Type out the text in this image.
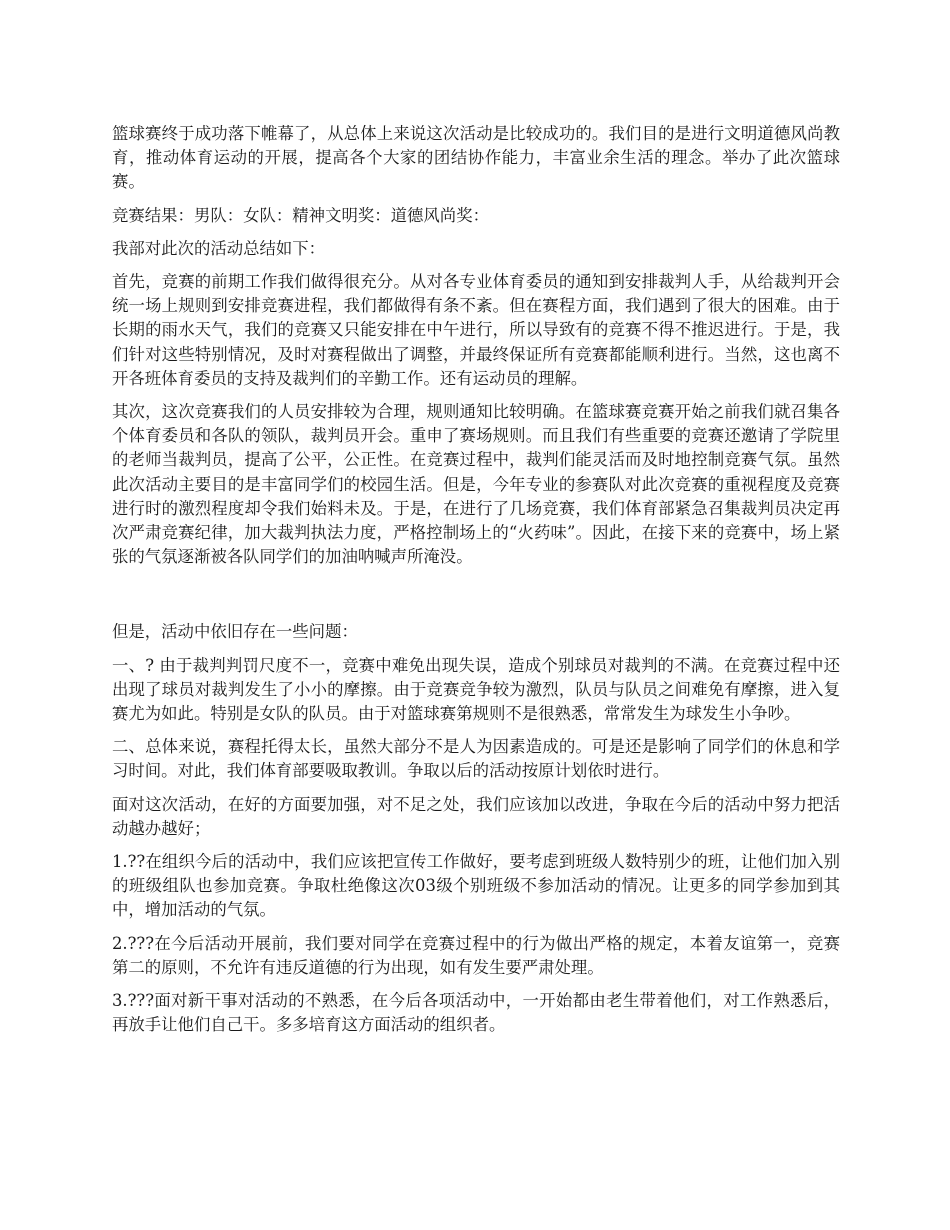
篮球赛终于成功落下帷幕了，从总体上来说这次活动是比较成功的。我们目的是进行文明道德风尚教育，推动体育运动的开展，提高各个大家的团结协作能力，丰富业余生活的理念。举办了此次篮球赛。

竞赛结果：男队：女队：精神文明奖：道德风尚奖：

我部对此次的活动总结如下：

首先，竞赛的前期工作我们做得很充分。从对各专业体育委员的通知到安排裁判人手，从给裁判开会统一场上规则到安排竞赛进程，我们都做得有条不紊。但在赛程方面，我们遇到了很大的困难。由于长期的雨水天气，我们的竞赛又只能安排在中午进行，所以导致有的竞赛不得不推迟进行。于是，我们针对这些特别情况，及时对赛程做出了调整，并最终保证所有竞赛都能顺利进行。当然，这也离不开各班体育委员的支持及裁判们的辛勤工作。还有运动员的理解。

其次，这次竞赛我们的人员安排较为合理，规则通知比较明确。在篮球赛竞赛开始之前我们就召集各个体育委员和各队的领队，裁判员开会。重申了赛场规则。而且我们有些重要的竞赛还邀请了学院里的老师当裁判员，提高了公平，公正性。在竞赛过程中，裁判们能灵活而及时地控制竞赛气氛。虽然此次活动主要目的是丰富同学们的校园生活。但是，今年专业的参赛队对此次竞赛的重视程度及竞赛进行时的激烈程度却令我们始料未及。于是，在进行了几场竞赛，我们体育部紧急召集裁判员决定再次严肃竞赛纪律，加大裁判执法力度，严格控制场上的“火药味”。因此，在接下来的竞赛中，场上紧张的气氛逐渐被各队同学们的加油呐喊声所淹没。

但是，活动中依旧存在一些问题：

一、? 由于裁判判罚尺度不一，竞赛中难免出现失误，造成个别球员对裁判的不满。在竞赛过程中还出现了球员对裁判发生了小小的摩擦。由于竞赛竞争较为激烈，队员与队员之间难免有摩擦，进入复赛尤为如此。特别是女队的队员。由于对篮球赛第规则不是很熟悉，常常发生为球发生小争吵。

二、总体来说，赛程托得太长，虽然大部分不是人为因素造成的。可是还是影响了同学们的休息和学习时间。对此，我们体育部要吸取教训。争取以后的活动按原计划依时进行。

面对这次活动，在好的方面要加强，对不足之处，我们应该加以改进，争取在今后的活动中努力把活动越办越好；

1.??在组织今后的活动中，我们应该把宣传工作做好，要考虑到班级人数特别少的班，让他们加入别的班级组队也参加竞赛。争取杜绝像这次03级个别班级不参加活动的情况。让更多的同学参加到其中，增加活动的气氛。

2.???在今后活动开展前，我们要对同学在竞赛过程中的行为做出严格的规定，本着友谊第一，竞赛第二的原则，不允许有违反道德的行为出现，如有发生要严肃处理。

3.???面对新干事对活动的不熟悉，在今后各项活动中，一开始都由老生带着他们，对工作熟悉后，再放手让他们自己干。多多培育这方面活动的组织者。
